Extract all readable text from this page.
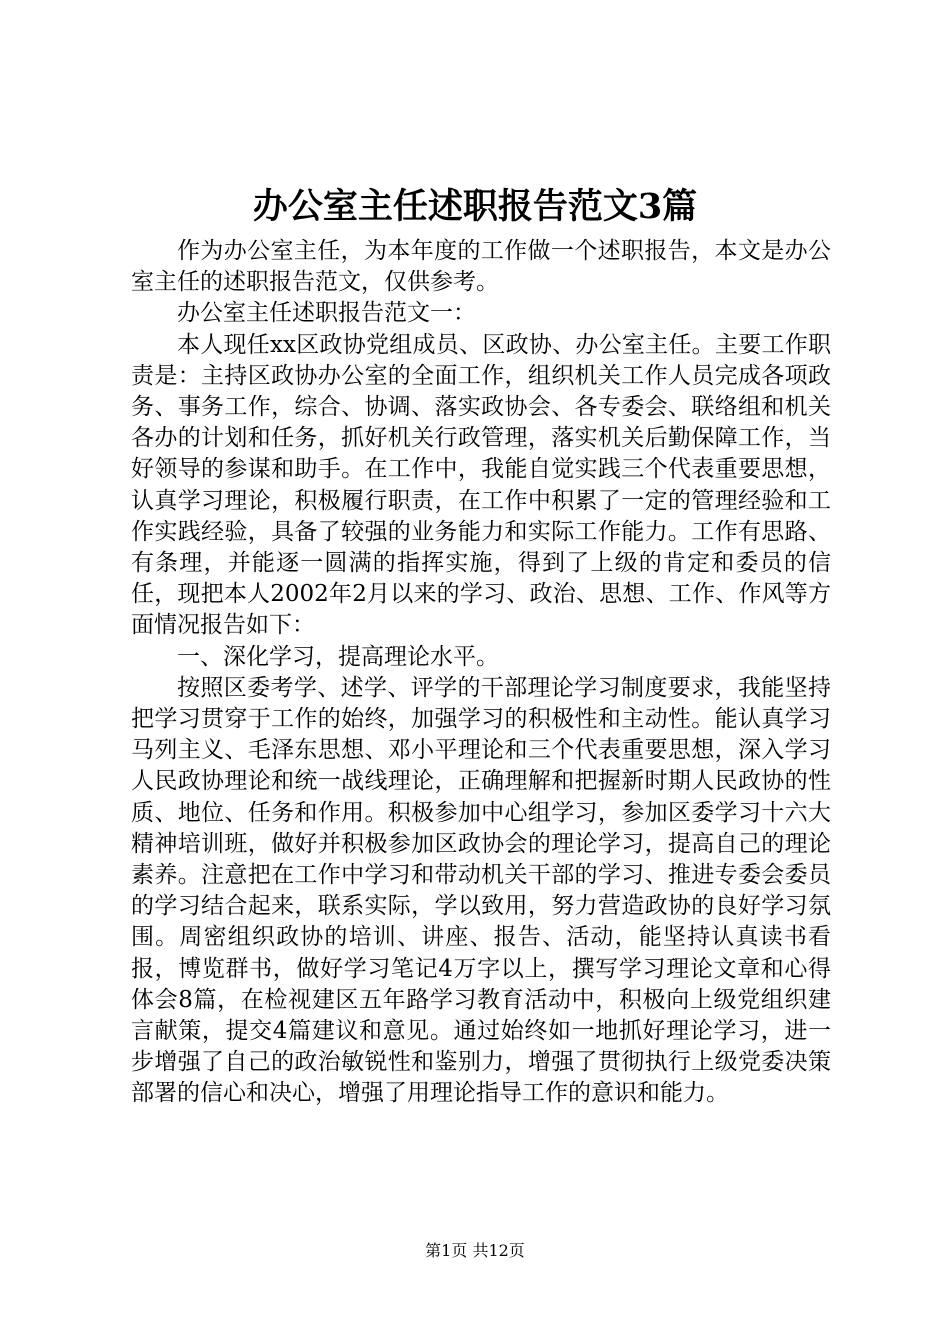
办公室主任述职报告范文3篇

作为办公室主任，为本年度的工作做一个述职报告，本文是办公室主任的述职报告范文，仅供参考。

办公室主任述职报告范文一：

本人现任xx区政协党组成员、区政协、办公室主任。主要工作职责是：主持区政协办公室的全面工作，组织机关工作人员完成各项政务、事务工作，综合、协调、落实政协会、各专委会、联络组和机关各办的计划和任务，抓好机关行政管理，落实机关后勤保障工作，当好领导的参谋和助手。在工作中，我能自觉实践三个代表重要思想，认真学习理论，积极履行职责，在工作中积累了一定的管理经验和工作实践经验，具备了较强的业务能力和实际工作能力。工作有思路、有条理，并能逐一圆满的指挥实施，得到了上级的肯定和委员的信任，现把本人2002年2月以来的学习、政治、思想、工作、作风等方面情况报告如下：

一、深化学习，提高理论水平。

按照区委考学、述学、评学的干部理论学习制度要求，我能坚持把学习贯穿于工作的始终，加强学习的积极性和主动性。能认真学习马列主义、毛泽东思想、邓小平理论和三个代表重要思想，深入学习人民政协理论和统一战线理论，正确理解和把握新时期人民政协的性质、地位、任务和作用。积极参加中心组学习，参加区委学习十六大精神培训班，做好并积极参加区政协会的理论学习，提高自己的理论素养。注意把在工作中学习和带动机关干部的学习、推进专委会委员的学习结合起来，联系实际，学以致用，努力营造政协的良好学习氛围。周密组织政协的培训、讲座、报告、活动，能坚持认真读书看报，博览群书，做好学习笔记4万字以上，撰写学习理论文章和心得体会8篇，在检视建区五年路学习教育活动中，积极向上级党组织建言献策，提交4篇建议和意见。通过始终如一地抓好理论学习，进一步增强了自己的政治敏锐性和鉴别力，增强了贯彻执行上级党委决策部署的信心和决心，增强了用理论指导工作的意识和能力。

第1页 共12页
